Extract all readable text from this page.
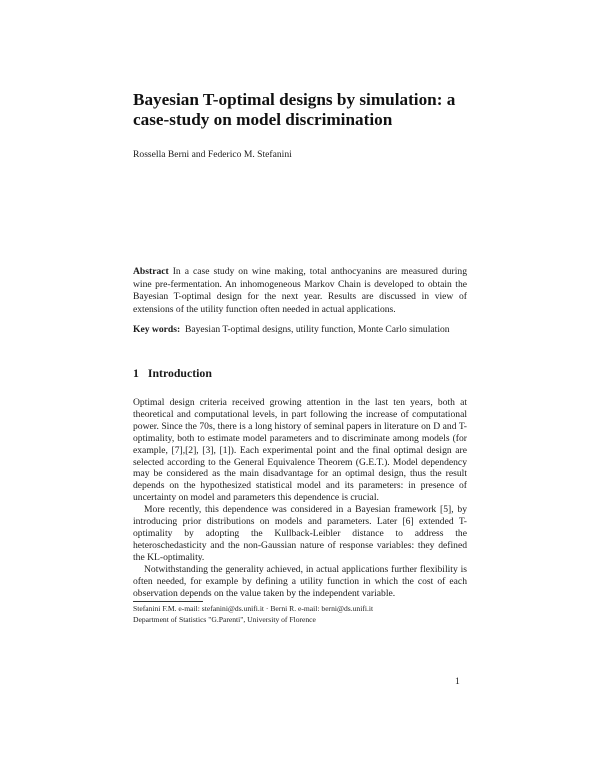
Bayesian T-optimal designs by simulation: a case-study on model discrimination
Rossella Berni and Federico M. Stefanini
Abstract In a case study on wine making, total anthocyanins are measured during wine pre-fermentation. An inhomogeneous Markov Chain is developed to obtain the Bayesian T-optimal design for the next year. Results are discussed in view of extensions of the utility function often needed in actual applications.
Key words: Bayesian T-optimal designs, utility function, Monte Carlo simulation
1 Introduction

Optimal design criteria received growing attention in the last ten years, both at theoretical and computational levels, in part following the increase of computational power. Since the 70s, there is a long history of seminal papers in literature on D and T-optimality, both to estimate model parameters and to discriminate among models (for example, [7],[2], [3], [1]). Each experimental point and the final optimal design are selected according to the General Equivalence Theorem (G.E.T.). Model dependency may be considered as the main disadvantage for an optimal design, thus the result depends on the hypothesized statistical model and its parameters: in presence of uncertainty on model and parameters this dependence is crucial.

More recently, this dependence was considered in a Bayesian framework [5], by introducing prior distributions on models and parameters. Later [6] extended T-optimality by adopting the Kullback-Leibler distance to address the heteroschedasticity and the non-Gaussian nature of response variables: they defined the KL-optimality.

Notwithstanding the generality achieved, in actual applications further flexibility is often needed, for example by defining a utility function in which the cost of each observation depends on the value taken by the independent variable.

Stefanini F.M. e-mail: stefanini@ds.unifi.it · Berni R. e-mail: berni@ds.unifi.it
Department of Statistics "G.Parenti", University of Florence
1
